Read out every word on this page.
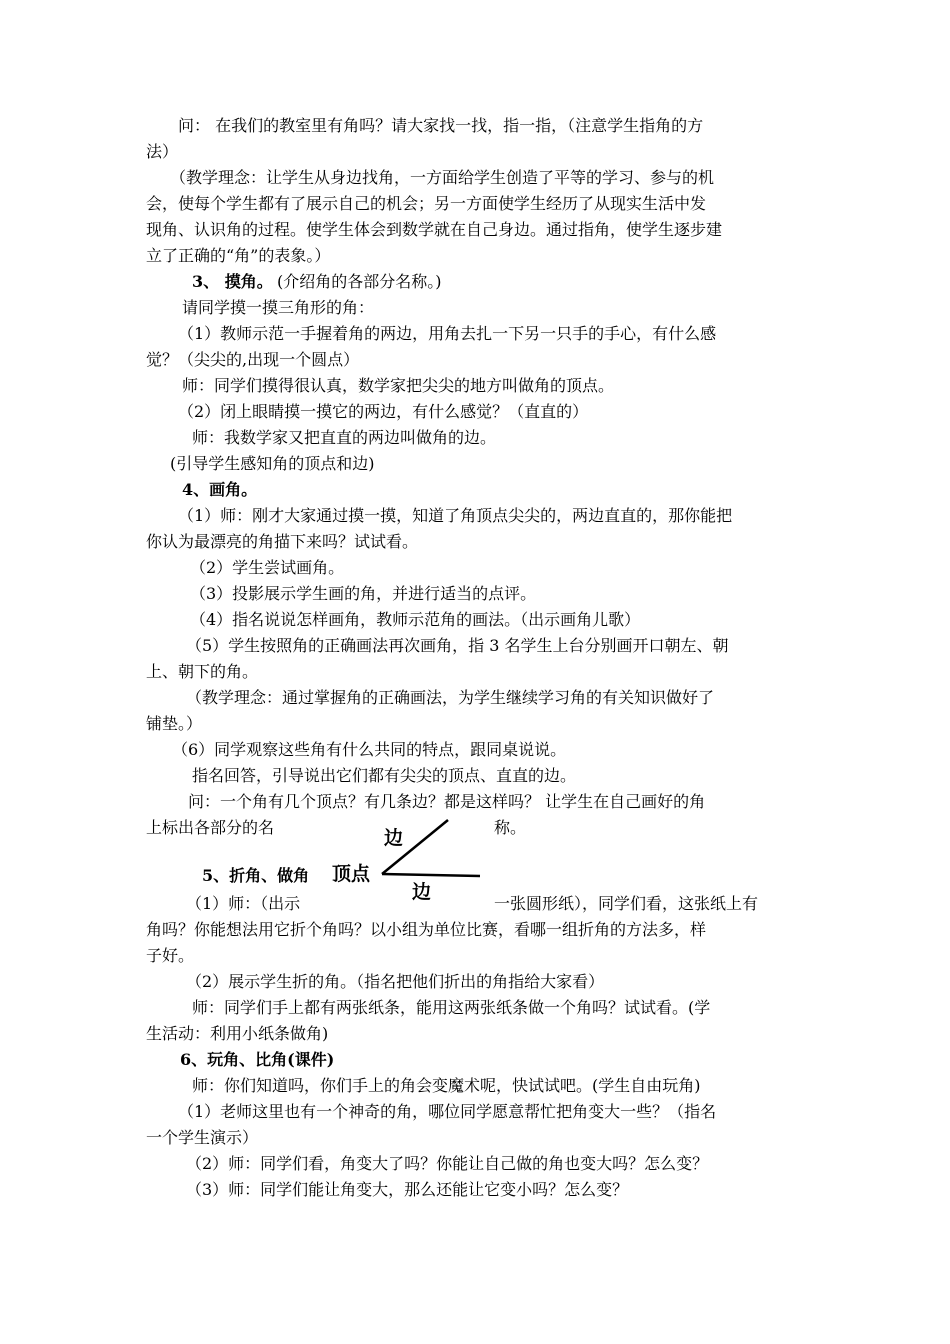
问： 在我们的教室里有角吗？请大家找一找，指一指，（注意学生指角的方
法）
（教学理念：让学生从身边找角，一方面给学生创造了平等的学习、参与的机
会，使每个学生都有了展示自己的机会；另一方面使学生经历了从现实生活中发
现角、认识角的过程。使学生体会到数学就在自己身边。通过指角，使学生逐步建
立了正确的“角”的表象。）
3、 摸角。 (介绍角的各部分名称。)
请同学摸一摸三角形的角：
（1）教师示范一手握着角的两边，用角去扎一下另一只手的手心，有什么感
觉？（尖尖的,出现一个圆点）
师：同学们摸得很认真，数学家把尖尖的地方叫做角的顶点。
（2）闭上眼睛摸一摸它的两边，有什么感觉？（直直的）
师：我数学家又把直直的两边叫做角的边。
(引导学生感知角的顶点和边)
4、画角。
（1）师：刚才大家通过摸一摸，知道了角顶点尖尖的，两边直直的，那你能把
你认为最漂亮的角描下来吗？试试看。
（2）学生尝试画角。
（3）投影展示学生画的角，并进行适当的点评。
（4）指名说说怎样画角，教师示范角的画法。（出示画角儿歌）
（5）学生按照角的正确画法再次画角，指 3 名学生上台分别画开口朝左、朝
上、朝下的角。
（教学理念：通过掌握角的正确画法，为学生继续学习角的有关知识做好了
铺垫。）
（6）同学观察这些角有什么共同的特点，跟同桌说说。
指名回答，引导说出它们都有尖尖的顶点、直直的边。
问：一个角有几个顶点？有几条边？都是这样吗？ 让学生在自己画好的角
上标出各部分的名	称。
5、折角、做角
（1）师：（出示	一张圆形纸），同学们看，这张纸上有
角吗？你能想法用它折个角吗？以小组为单位比赛，看哪一组折角的方法多，样
子好。
（2）展示学生折的角。（指名把他们折出的角指给大家看）
师：同学们手上都有两张纸条，能用这两张纸条做一个角吗？试试看。(学
生活动：利用小纸条做角)
6、玩角、比角(课件)
师：你们知道吗，你们手上的角会变魔术呢，快试试吧。(学生自由玩角)
（1）老师这里也有一个神奇的角，哪位同学愿意帮忙把角变大一些？（指名
一个学生演示）
（2）师：同学们看，角变大了吗？你能让自己做的角也变大吗？怎么变？
（3）师：同学们能让角变大，那么还能让它变小吗？怎么变？
边
顶点
边
